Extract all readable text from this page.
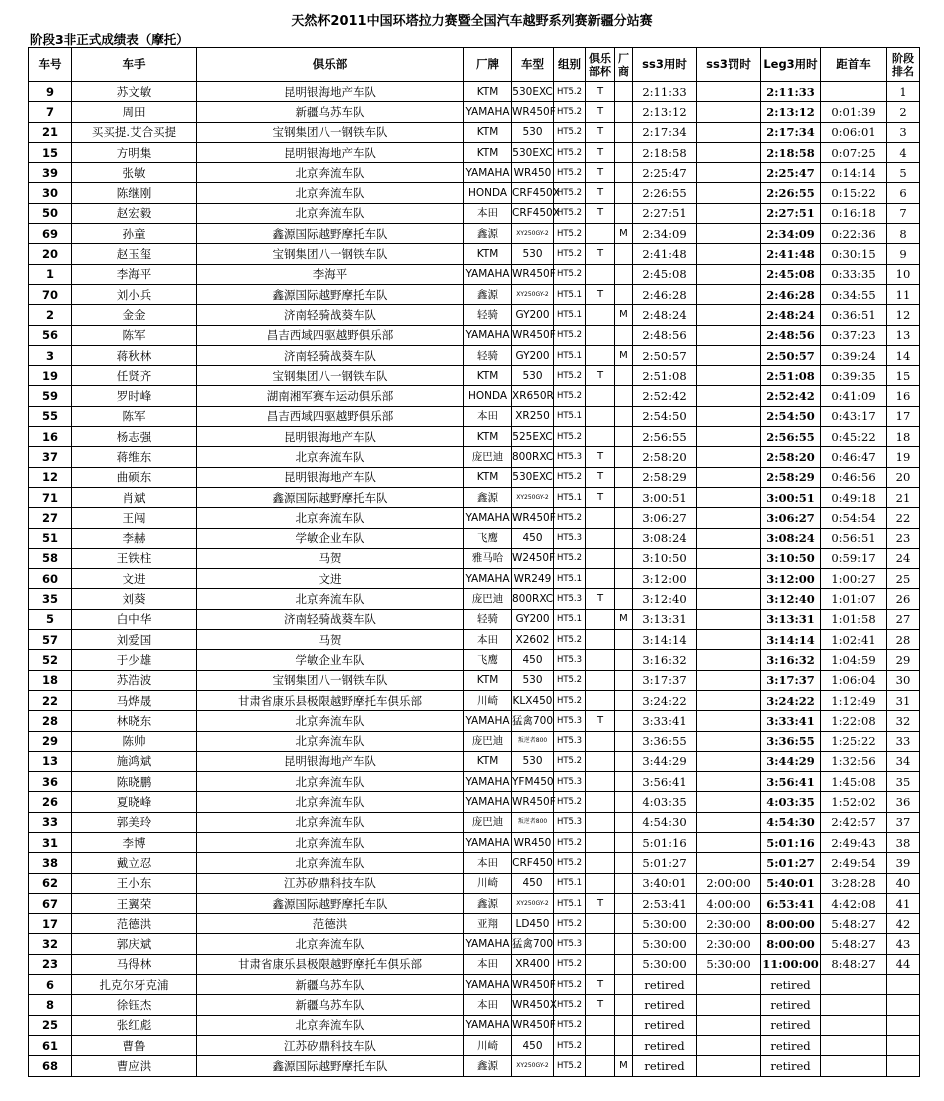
天然杯2011中国环塔拉力赛暨全国汽车越野系列赛新疆分站赛
阶段3非正式成绩表（摩托）
车号	车手	俱乐部	厂牌	车型	组别	俱乐部杯	厂商	ss3用时	ss3罚时	Leg3用时	距首车	阶段排名
9	苏文敏	昆明银海地产车队	KTM	530EXC	HT5.2	T		2:11:33		2:11:33		1
7	周田	新疆乌苏车队	YAMAHA	WR450F	HT5.2	T		2:13:12		2:13:12	0:01:39	2
21	买买提.艾合买提	宝钢集团八一钢铁车队	KTM	530	HT5.2	T		2:17:34		2:17:34	0:06:01	3
15	方明集	昆明银海地产车队	KTM	530EXC	HT5.2	T		2:18:58		2:18:58	0:07:25	4
39	张敏	北京奔流车队	YAMAHA	WR450	HT5.2	T		2:25:47		2:25:47	0:14:14	5
30	陈继刚	北京奔流车队	HONDA	CRF450X	HT5.2	T		2:26:55		2:26:55	0:15:22	6
50	赵宏毅	北京奔流车队	本田	CRF450X	HT5.2	T		2:27:51		2:27:51	0:16:18	7
69	孙童	鑫源国际越野摩托车队	鑫源	XY250GY-2	HT5.2		M	2:34:09		2:34:09	0:22:36	8
20	赵玉玺	宝钢集团八一钢铁车队	KTM	530	HT5.2	T		2:41:48		2:41:48	0:30:15	9
1	李海平	李海平	YAMAHA	WR450F	HT5.2			2:45:08		2:45:08	0:33:35	10
70	刘小兵	鑫源国际越野摩托车队	鑫源	XY250GY-2	HT5.1	T		2:46:28		2:46:28	0:34:55	11
2	金金	济南轻骑战葵车队	轻骑	GY200	HT5.1		M	2:48:24		2:48:24	0:36:51	12
56	陈军	昌吉西域四驱越野俱乐部	YAMAHA	WR450F	HT5.2			2:48:56		2:48:56	0:37:23	13
3	蒋秋林	济南轻骑战葵车队	轻骑	GY200	HT5.1		M	2:50:57		2:50:57	0:39:24	14
19	任贤齐	宝钢集团八一钢铁车队	KTM	530	HT5.2	T		2:51:08		2:51:08	0:39:35	15
59	罗时峰	湖南湘军赛车运动俱乐部	HONDA	XR650R	HT5.2			2:52:42		2:52:42	0:41:09	16
55	陈军	昌吉西域四驱越野俱乐部	本田	XR250	HT5.1			2:54:50		2:54:50	0:43:17	17
16	杨志强	昆明银海地产车队	KTM	525EXC	HT5.2			2:56:55		2:56:55	0:45:22	18
37	蒋维东	北京奔流车队	庞巴迪	800RXC	HT5.3	T		2:58:20		2:58:20	0:46:47	19
12	曲硕东	昆明银海地产车队	KTM	530EXC	HT5.2	T		2:58:29		2:58:29	0:46:56	20
71	肖斌	鑫源国际越野摩托车队	鑫源	XY250GY-2	HT5.1	T		3:00:51		3:00:51	0:49:18	21
27	王闯	北京奔流车队	YAMAHA	WR450F	HT5.2			3:06:27		3:06:27	0:54:54	22
51	李赫	学敏企业车队	飞鹰	450	HT5.3			3:08:24		3:08:24	0:56:51	23
58	王铁柱	马贺	雅马哈	W2450F	HT5.2			3:10:50		3:10:50	0:59:17	24
60	文进	文进	YAMAHA	WR249	HT5.1			3:12:00		3:12:00	1:00:27	25
35	刘葵	北京奔流车队	庞巴迪	800RXC	HT5.3	T		3:12:40		3:12:40	1:01:07	26
5	白中华	济南轻骑战葵车队	轻骑	GY200	HT5.1		M	3:13:31		3:13:31	1:01:58	27
57	刘爱国	马贺	本田	X2602	HT5.2			3:14:14		3:14:14	1:02:41	28
52	于少雄	学敏企业车队	飞鹰	450	HT5.3			3:16:32		3:16:32	1:04:59	29
18	苏浩波	宝钢集团八一钢铁车队	KTM	530	HT5.2			3:17:37		3:17:37	1:06:04	30
22	马烨晟	甘肃省康乐县极限越野摩托车俱乐部	川崎	KLX450	HT5.2			3:24:22		3:24:22	1:12:49	31
28	林晓东	北京奔流车队	YAMAHA	猛禽700	HT5.3	T		3:33:41		3:33:41	1:22:08	32
29	陈帅	北京奔流车队	庞巴迪	叛逆者800	HT5.3			3:36:55		3:36:55	1:25:22	33
13	施鸿斌	昆明银海地产车队	KTM	530	HT5.2			3:44:29		3:44:29	1:32:56	34
36	陈晓鹏	北京奔流车队	YAMAHA	YFM450	HT5.3			3:56:41		3:56:41	1:45:08	35
26	夏晓峰	北京奔流车队	YAMAHA	WR450F	HT5.2			4:03:35		4:03:35	1:52:02	36
33	郭美玲	北京奔流车队	庞巴迪	叛逆者800	HT5.3			4:54:30		4:54:30	2:42:57	37
31	李博	北京奔流车队	YAMAHA	WR450	HT5.2			5:01:16		5:01:16	2:49:43	38
38	戴立忍	北京奔流车队	本田	CRF450	HT5.2			5:01:27		5:01:27	2:49:54	39
62	王小东	江苏矽鼎科技车队	川崎	450	HT5.1			3:40:01	2:00:00	5:40:01	3:28:28	40
67	王翼荣	鑫源国际越野摩托车队	鑫源	XY250GY-2	HT5.1	T		2:53:41	4:00:00	6:53:41	4:42:08	41
17	范德洪	范德洪	亚翔	LD450	HT5.2			5:30:00	2:30:00	8:00:00	5:48:27	42
32	郭庆斌	北京奔流车队	YAMAHA	猛禽700	HT5.3			5:30:00	2:30:00	8:00:00	5:48:27	43
23	马得林	甘肃省康乐县极限越野摩托车俱乐部	本田	XR400	HT5.2			5:30:00	5:30:00	11:00:00	8:48:27	44
6	扎克尔牙克浦	新疆乌苏车队	YAMAHA	WR450F	HT5.2	T		retired		retired		
8	徐钰杰	新疆乌苏车队	本田	WR450X	HT5.2	T		retired		retired		
25	张红彪	北京奔流车队	YAMAHA	WR450F	HT5.2			retired		retired		
61	曹鲁	江苏矽鼎科技车队	川崎	450	HT5.2			retired		retired		
68	曹应洪	鑫源国际越野摩托车队	鑫源	XY250GY-2	HT5.2		M	retired		retired		
